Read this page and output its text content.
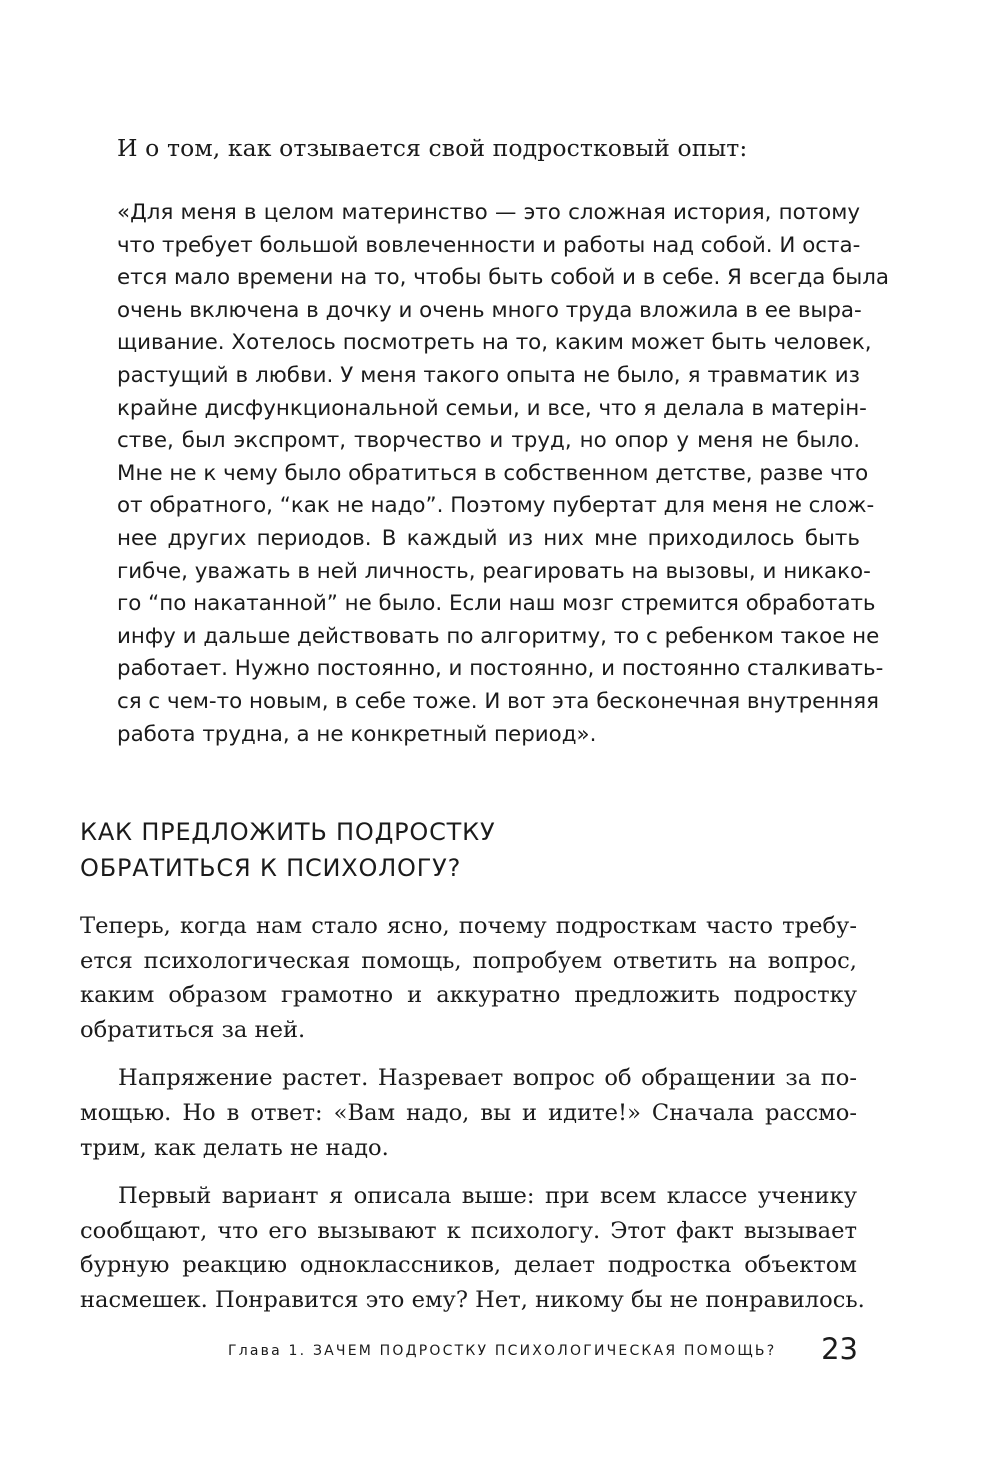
И о том, как отзывается свой подростковый опыт:

«Для меня в целом материнство — это сложная история, потому
что требует большой вовлеченности и работы над собой. И оста-
ется мало времени на то, чтобы быть собой и в себе. Я всегда была
очень включена в дочку и очень много труда вложила в ее выра-
щивание. Хотелось посмотреть на то, каким может быть человек,
растущий в любви. У меня такого опыта не было, я травматик из
крайне дисфункциональной семьи, и все, что я делала в матерін-
стве, был экспромт, творчество и труд, но опор у меня не было.
Мне не к чему было обратиться в собственном детстве, разве что
от обратного, “как не надо”. Поэтому пубертат для меня не слож-
нее других периодов. В каждый из них мне приходилось быть
гибче, уважать в ней личность, реагировать на вызовы, и никако-
го “по накатанной” не было. Если наш мозг стремится обработать
инфу и дальше действовать по алгоритму, то с ребенком такое не
работает. Нужно постоянно, и постоянно, и постоянно сталкивать-
ся с чем-то новым, в себе тоже. И вот эта бесконечная внутренняя
работа трудна, а не конкретный период».
КАК ПРЕДЛОЖИТЬ ПОДРОСТКУ
ОБРАТИТЬСЯ К ПСИХОЛОГУ?
Теперь, когда нам стало ясно, почему подросткам часто требу-
ется психологическая помощь, попробуем ответить на вопрос,
каким образом грамотно и аккуратно предложить подростку
обратиться за ней.
Напряжение растет. Назревает вопрос об обращении за по-
мощью. Но в ответ: «Вам надо, вы и идите!» Сначала рассмо-
трим, как делать не надо.
Первый вариант я описала выше: при всем классе ученику
сообщают, что его вызывают к психологу. Этот факт вызывает
бурную реакцию одноклассников, делает подростка объектом
насмешек. Понравится это ему? Нет, никому бы не понравилось.
Глава 1. ЗАЧЕМ ПОДРОСТКУ ПСИХОЛОГИЧЕСКАЯ ПОМОЩЬ? 23
